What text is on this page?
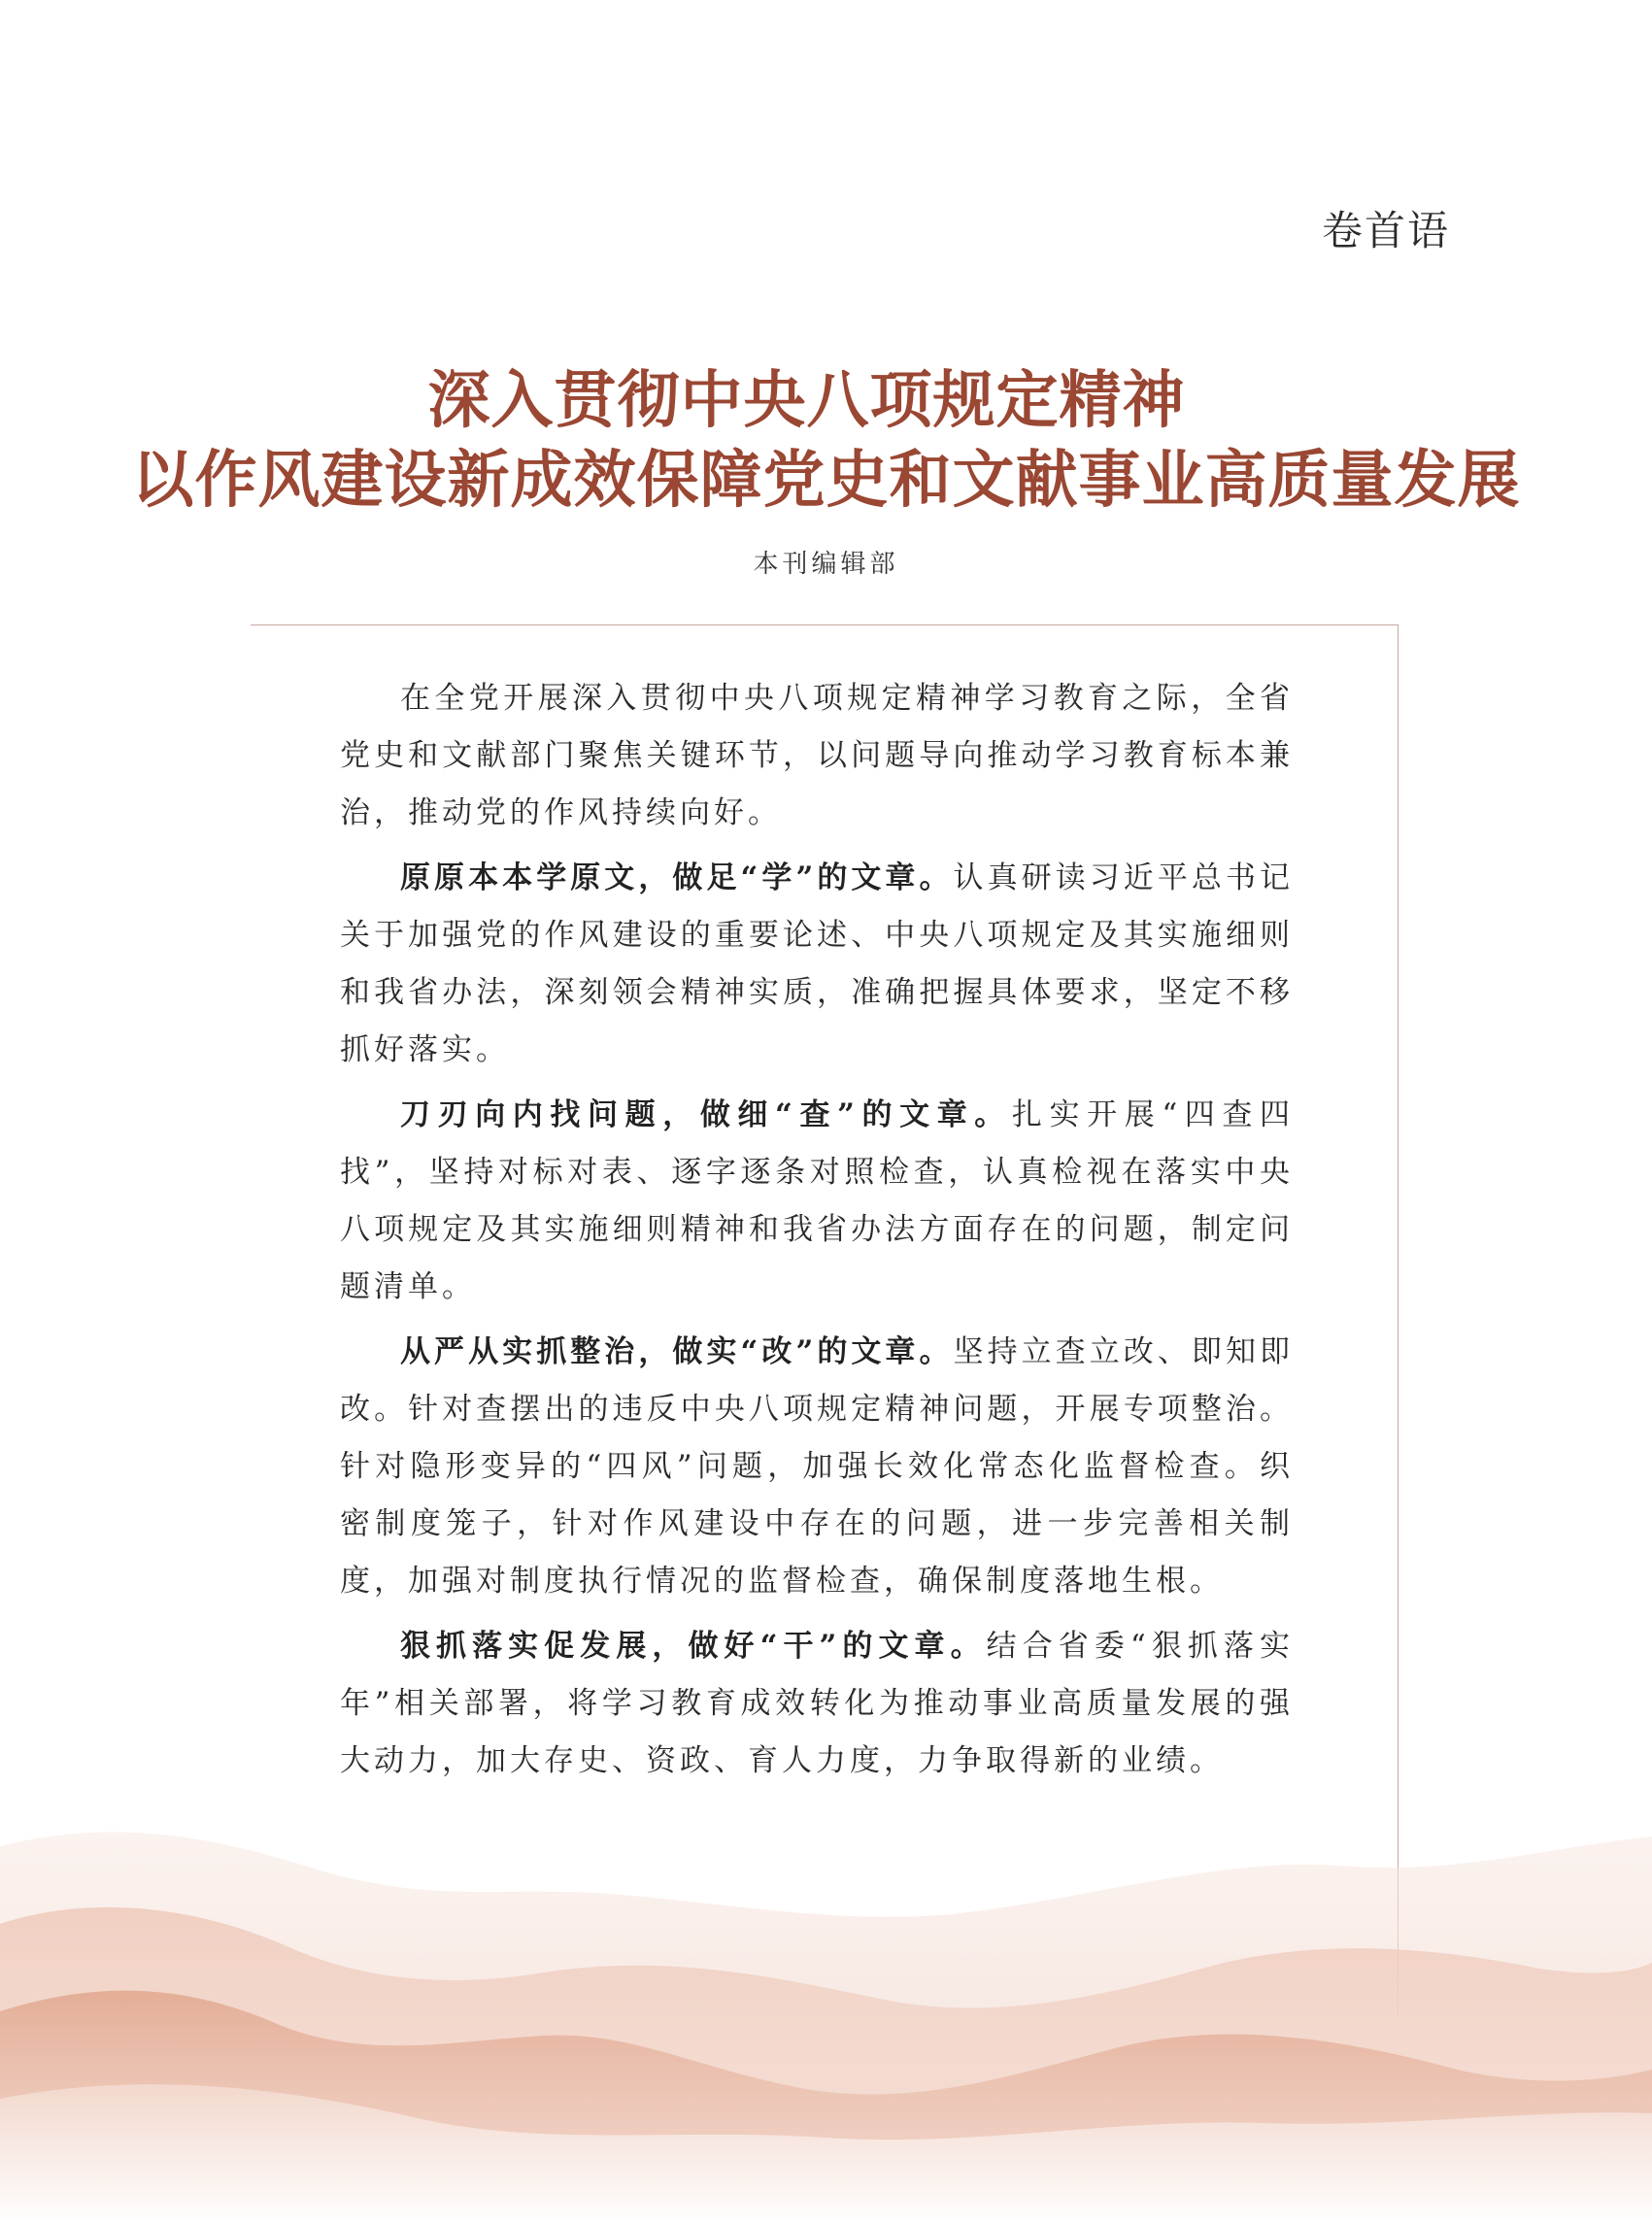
卷首语
深入贯彻中央八项规定精神
以作风建设新成效保障党史和文献事业高质量发展
本刊编辑部

在全党开展深入贯彻中央八项规定精神学习教育之际，全省党史和文献部门聚焦关键环节，以问题导向推动学习教育标本兼治，推动党的作风持续向好。

原原本本学原文，做足“学”的文章。认真研读习近平总书记关于加强党的作风建设的重要论述、中央八项规定及其实施细则和我省办法，深刻领会精神实质，准确把握具体要求，坚定不移抓好落实。

刀刃向内找问题，做细“查”的文章。扎实开展“四查四找”，坚持对标对表、逐字逐条对照检查，认真检视在落实中央八项规定及其实施细则精神和我省办法方面存在的问题，制定问题清单。

从严从实抓整治，做实“改”的文章。坚持立查立改、即知即改。针对查摆出的违反中央八项规定精神问题，开展专项整治。针对隐形变异的“四风”问题，加强长效化常态化监督检查。织密制度笼子，针对作风建设中存在的问题，进一步完善相关制度，加强对制度执行情况的监督检查，确保制度落地生根。

狠抓落实促发展，做好“干”的文章。结合省委“狠抓落实年”相关部署，将学习教育成效转化为推动事业高质量发展的强大动力，加大存史、资政、育人力度，力争取得新的业绩。
